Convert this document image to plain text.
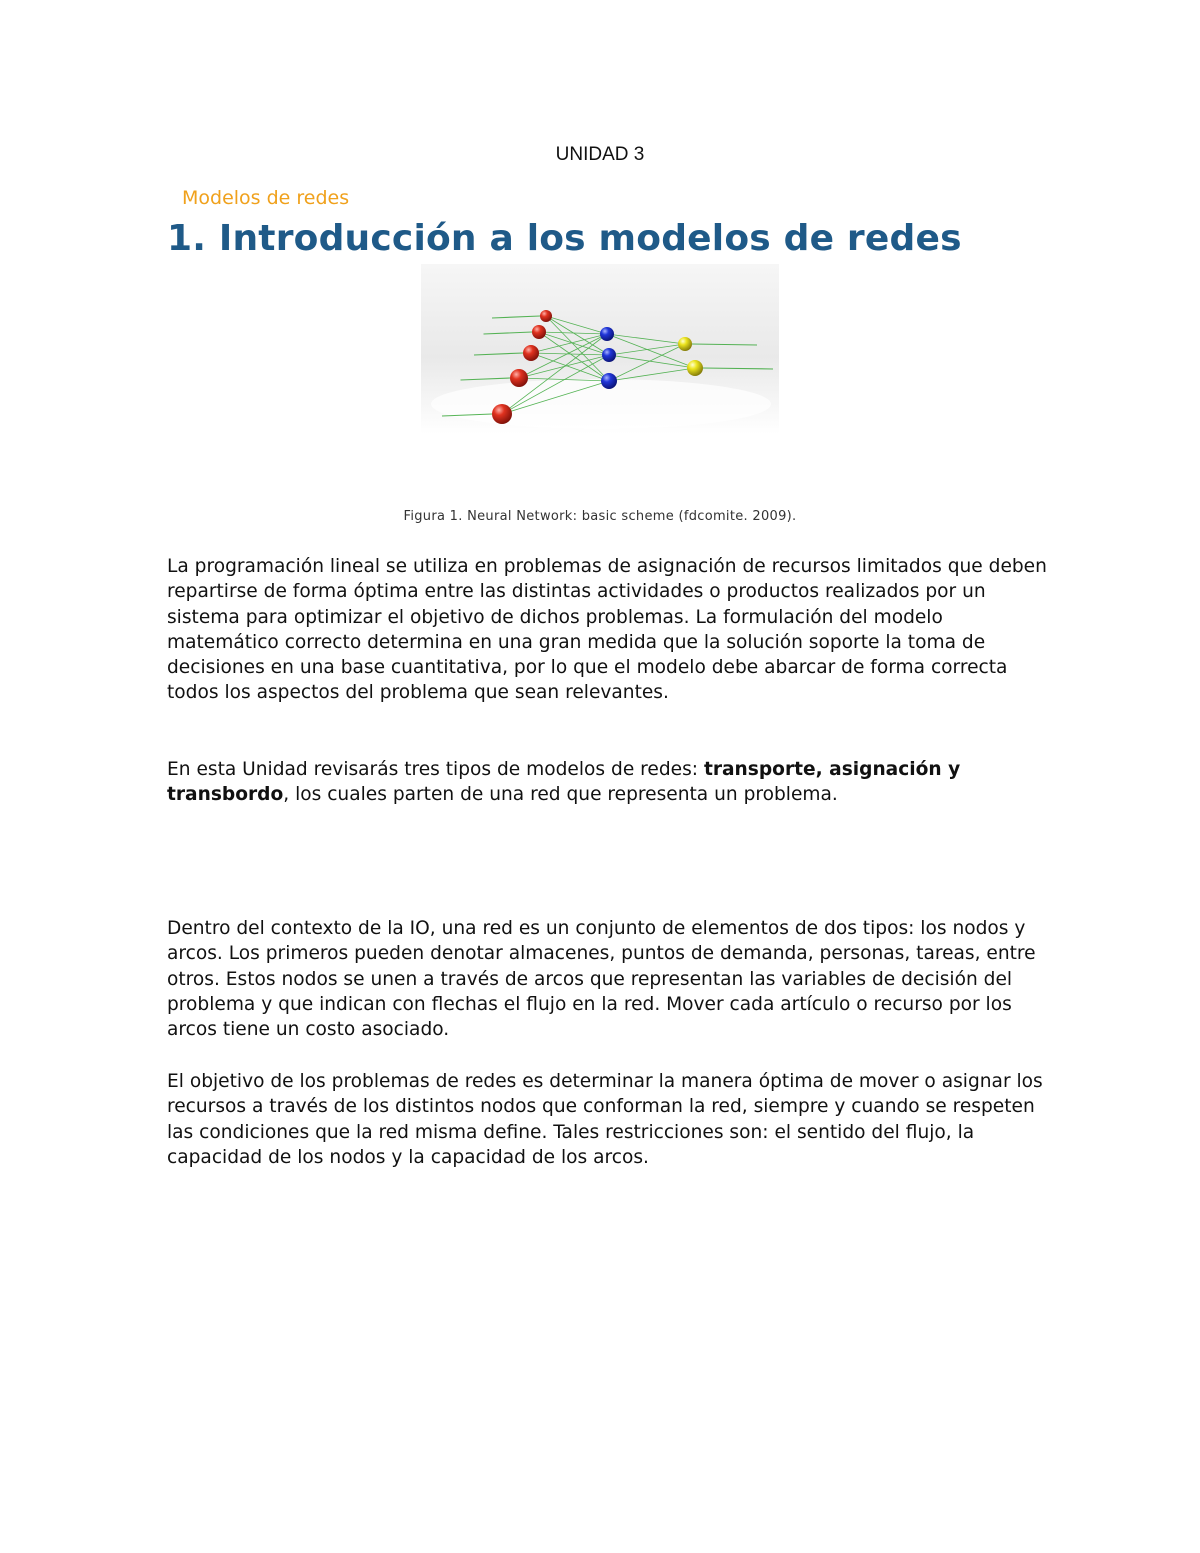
UNIDAD 3
Modelos de redes
1. Introducción a los modelos de redes
Figura 1. Neural Network: basic scheme (fdcomite. 2009).

La programación lineal se utiliza en problemas de asignación de recursos limitados que deben repartirse de forma óptima entre las distintas actividades o productos realizados por un sistema para optimizar el objetivo de dichos problemas. La formulación del modelo matemático correcto determina en una gran medida que la solución soporte la toma de decisiones en una base cuantitativa, por lo que el modelo debe abarcar de forma correcta todos los aspectos del problema que sean relevantes.

En esta Unidad revisarás tres tipos de modelos de redes: transporte, asignación y transbordo, los cuales parten de una red que representa un problema.

Dentro del contexto de la IO, una red es un conjunto de elementos de dos tipos: los nodos y arcos. Los primeros pueden denotar almacenes, puntos de demanda, personas, tareas, entre otros. Estos nodos se unen a través de arcos que representan las variables de decisión del problema y que indican con flechas el flujo en la red. Mover cada artículo o recurso por los arcos tiene un costo asociado.

El objetivo de los problemas de redes es determinar la manera óptima de mover o asignar los recursos a través de los distintos nodos que conforman la red, siempre y cuando se respeten las condiciones que la red misma define. Tales restricciones son: el sentido del flujo, la capacidad de los nodos y la capacidad de los arcos.
